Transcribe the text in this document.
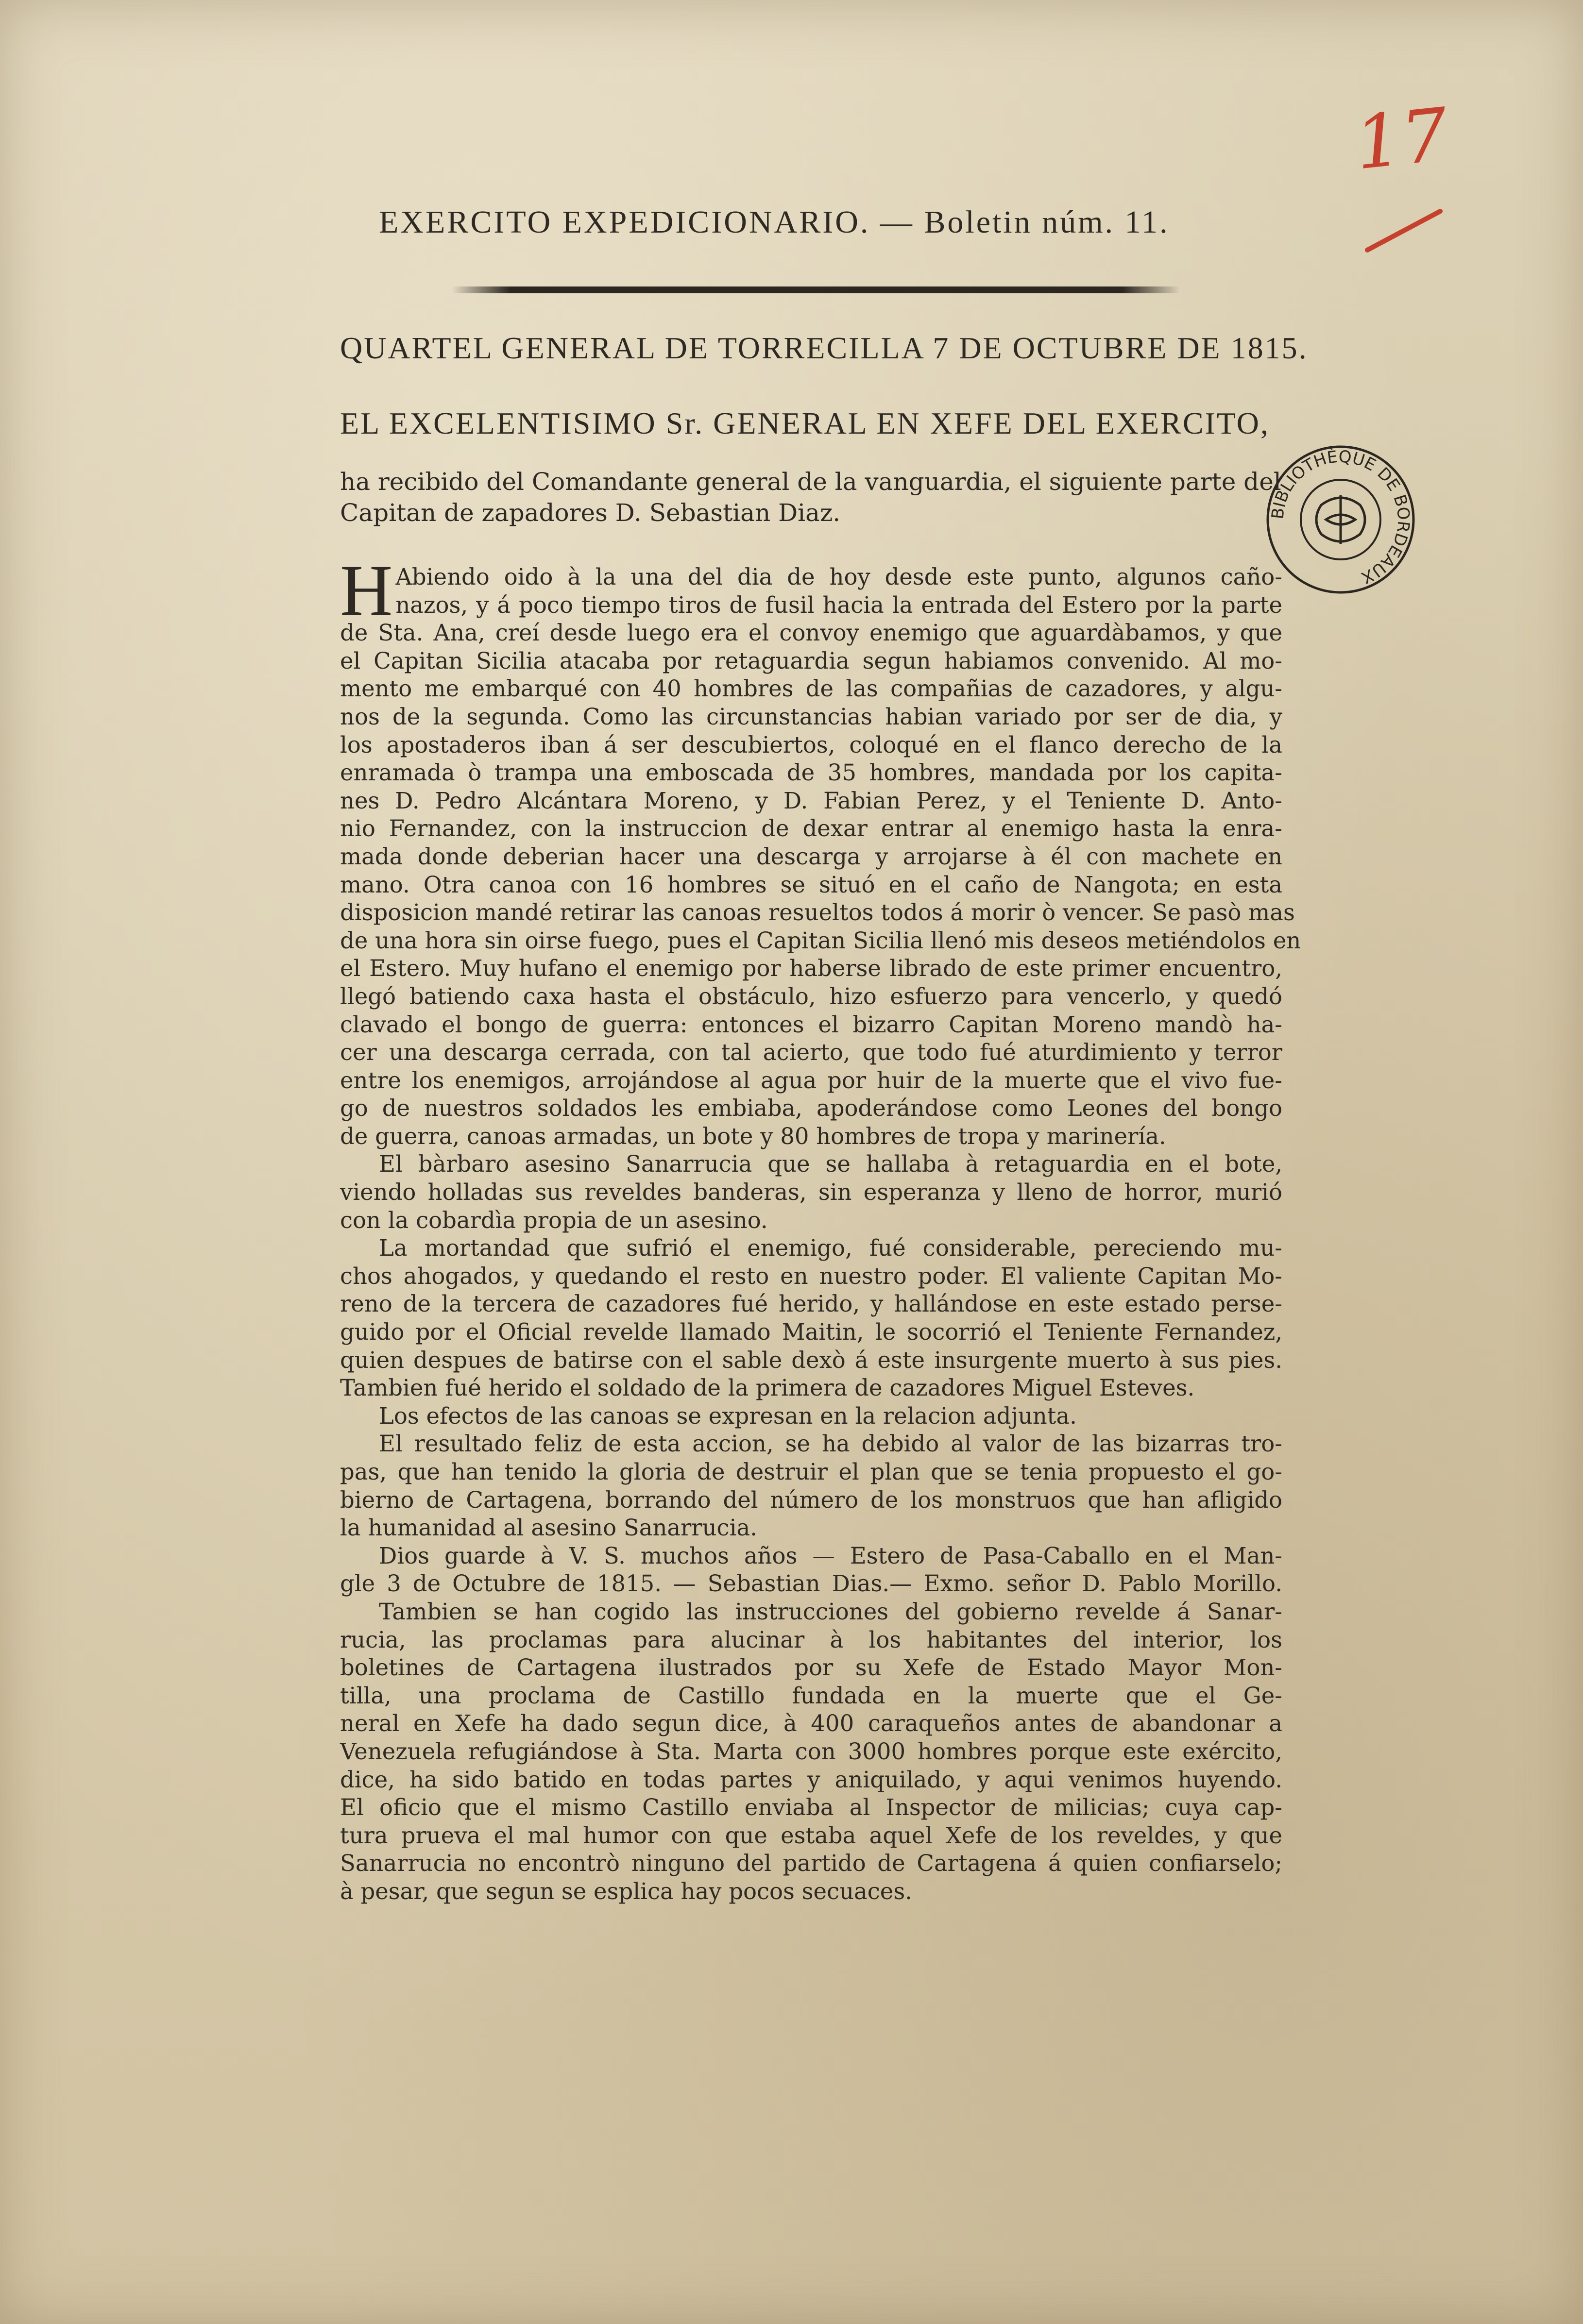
17
EXERCITO EXPEDICIONARIO. — Boletin núm. 11.
QUARTEL GENERAL DE TORRECILLA 7 DE OCTUBRE DE 1815.
EL EXCELENTISIMO Sr. GENERAL EN XEFE DEL EXERCITO,

ha recibido del Comandante general de la vanguardia, el siguiente parte del

Capitan de zapadores D. Sebastian Diaz.	BIBLIOTHÈQUE DE BORDEAUX
H Abiendo oido à la una del dia de hoy desde este punto, algunos caño-
nazos, y á poco tiempo tiros de fusil hacia la entrada del Estero por la parte
de Sta. Ana, creí desde luego era el convoy enemigo que aguardàbamos, y que
el Capitan Sicilia atacaba por retaguardia segun habiamos convenido. Al mo-
mento me embarqué con 40 hombres de las compañias de cazadores, y algu-
nos de la segunda. Como las circunstancias habian variado por ser de dia, y
los apostaderos iban á ser descubiertos, coloqué en el flanco derecho de la
enramada ò trampa una emboscada de 35 hombres, mandada por los capita-
nes D. Pedro Alcántara Moreno, y D. Fabian Perez, y el Teniente D. Anto-
nio Fernandez, con la instruccion de dexar entrar al enemigo hasta la enra-
mada donde deberian hacer una descarga y arrojarse à él con machete en
mano. Otra canoa con 16 hombres se situó en el caño de Nangota; en esta
disposicion mandé retirar las canoas resueltos todos á morir ò vencer. Se pasò mas
de una hora sin oirse fuego, pues el Capitan Sicilia llenó mis deseos metiéndolos en
el Estero. Muy hufano el enemigo por haberse librado de este primer encuentro,
llegó batiendo caxa hasta el obstáculo, hizo esfuerzo para vencerlo, y quedó
clavado el bongo de guerra: entonces el bizarro Capitan Moreno mandò ha-
cer una descarga cerrada, con tal acierto, que todo fué aturdimiento y terror
entre los enemigos, arrojándose al agua por huir de la muerte que el vivo fue-
go de nuestros soldados les embiaba, apoderándose como Leones del bongo
de guerra, canoas armadas, un bote y 80 hombres de tropa y marinería.
El bàrbaro asesino Sanarrucia que se hallaba à retaguardia en el bote,
viendo holladas sus reveldes banderas, sin esperanza y lleno de horror, murió
con la cobardìa propia de un asesino.
La mortandad que sufrió el enemigo, fué considerable, pereciendo mu-
chos ahogados, y quedando el resto en nuestro poder. El valiente Capitan Mo-
reno de la tercera de cazadores fué herido, y hallándose en este estado perse-
guido por el Oficial revelde llamado Maitin, le socorrió el Teniente Fernandez,
quien despues de batirse con el sable dexò á este insurgente muerto à sus pies.
Tambien fué herido el soldado de la primera de cazadores Miguel Esteves.
Los efectos de las canoas se expresan en la relacion adjunta.
El resultado feliz de esta accion, se ha debido al valor de las bizarras tro-
pas, que han tenido la gloria de destruir el plan que se tenia propuesto el go-
bierno de Cartagena, borrando del número de los monstruos que han afligido
la humanidad al asesino Sanarrucia.
Dios guarde à V. S. muchos años — Estero de Pasa-Caballo en el Man-
gle 3 de Octubre de 1815. — Sebastian Dias.— Exmo. señor D. Pablo Morillo.
Tambien se han cogido las instrucciones del gobierno revelde á Sanar-
rucia, las proclamas para alucinar à los habitantes del interior, los
boletines de Cartagena ilustrados por su Xefe de Estado Mayor Mon-
tilla, una proclama de Castillo fundada en la muerte que el Ge-
neral en Xefe ha dado segun dice, à 400 caraqueños antes de abandonar a
Venezuela refugiándose à Sta. Marta con 3000 hombres porque este exército,
dice, ha sido batido en todas partes y aniquilado, y aqui venimos huyendo.
El oficio que el mismo Castillo enviaba al Inspector de milicias; cuya cap-
tura prueva el mal humor con que estaba aquel Xefe de los reveldes, y que
Sanarrucia no encontrò ninguno del partido de Cartagena á quien confiarselo;
à pesar, que segun se esplica hay pocos secuaces.
